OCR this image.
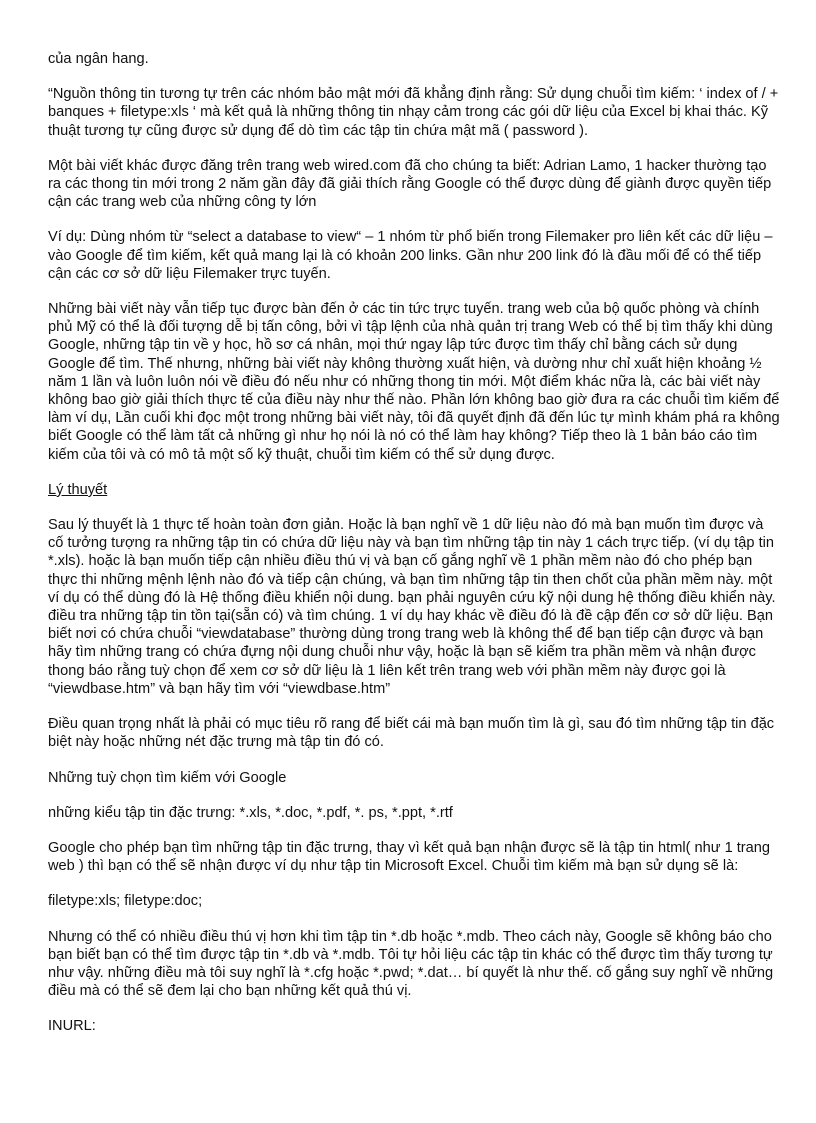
của ngân hang.

“Nguồn thông tin tương tự trên các nhóm bảo mật mới đã khẳng định rằng: Sử dụng chuỗi tìm kiếm: ‘ index of / + banques + filetype:xls ‘ mà kết quả là những thông tin nhạy cảm trong các gói dữ liệu của Excel bị khai thác. Kỹ thuật tương tự cũng được sử dụng để dò tìm các tập tin chứa mật mã ( password ).

Một bài viết khác được đăng trên trang web wired.com đã cho chúng ta biết: Adrian Lamo, 1 hacker thường tạo ra các thong tin mới trong 2 năm gần đây đã giải thích rằng Google có thể được dùng để giành được quyền tiếp cận các trang web của những công ty lớn

Ví dụ: Dùng nhóm từ “select a database to view“ – 1 nhóm từ phổ biến trong Filemaker pro liên kết các dữ liệu – vào Google để tìm kiếm, kết quả mang lại là có khoản 200 links. Gần như 200 link đó là đầu mối để có thể tiếp cận các cơ sở dữ liệu Filemaker trực tuyến.

Những bài viết này vẫn tiếp tục được bàn đến ở các tin tức trực tuyến. trang web của bộ quốc phòng và chính phủ Mỹ có thể là đối tượng dễ bị tấn công, bởi vì tập lệnh của nhà quản trị trang Web có thể bị tìm thấy khi dùng Google, những tập tin về y học, hồ sơ cá nhân, mọi thứ ngay lập tức được tìm thấy chỉ bằng cách sử dụng Google để tìm. Thế nhưng, những bài viết này không thường xuất hiện, và dường như chỉ xuất hiện khoảng ½ năm 1 lần và luôn luôn nói về điều đó nếu như có những thong tin mới. Một điểm khác nữa là, các bài viết này không bao giờ giải thích thực tế của điều này như thế nào. Phần lớn không bao giờ đưa ra các chuỗi tìm kiếm để làm ví dụ, Lần cuối khi đọc một trong những bài viết này, tôi đã quyết định đã đến lúc tự mình khám phá ra không biết Google có thể làm tất cả những gì như họ nói là nó có thể làm hay không? Tiếp theo là 1 bản báo cáo tìm kiếm của tôi và có mô tả một số kỹ thuật, chuỗi tìm kiếm có thể sử dụng được.

Lý thuyết

Sau lý thuyết là 1 thực tế hoàn toàn đơn giản. Hoặc là bạn nghĩ về 1 dữ liệu nào đó mà bạn muốn tìm được và cố tưởng tượng ra những tập tin có chứa dữ liệu này và bạn tìm những tập tin này 1 cách trực tiếp. (ví dụ tập tin *.xls). hoặc là bạn muốn tiếp cận nhiều điều thú vị và bạn cố gắng nghĩ về 1 phần mềm nào đó cho phép bạn thực thi những mệnh lệnh nào đó và tiếp cận chúng, và bạn tìm những tập tin then chốt của phần mềm này. một ví dụ có thể dùng đó là Hệ thống điều khiển nội dung. bạn phải nguyên cứu kỹ nội dung hệ thống điều khiển này. điều tra những tập tin tồn tại(sẵn có) và tìm chúng. 1 ví dụ hay khác về điều đó là đề cập đến cơ sở dữ liệu. Bạn biết nơi có chứa chuỗi “viewdatabase” thường dùng trong trang web là không thể để bạn tiếp cận được và bạn hãy tìm những trang có chứa đựng nội dung chuỗi như vậy, hoặc là bạn sẽ kiếm tra phần mềm và nhận được thong báo rằng tuỳ chọn để xem cơ sở dữ liệu là 1 liên kết trên trang web với phần mềm này được gọi là “viewdbase.htm” và bạn hãy tìm với “viewdbase.htm”

Điều quan trọng nhất là phải có mục tiêu rõ rang để biết cái mà bạn muốn tìm là gì, sau đó tìm những tập tin đặc biệt này hoặc những nét đặc trưng mà tập tin đó có.

Những tuỳ chọn tìm kiếm với Google

những kiểu tập tin đặc trưng: *.xls, *.doc, *.pdf, *. ps, *.ppt, *.rtf

Google cho phép bạn tìm những tập tin đặc trưng, thay vì kết quả bạn nhận được sẽ là tập tin html( như 1 trang web ) thì bạn có thể sẽ nhận được ví dụ như tập tin Microsoft Excel. Chuỗi tìm kiếm mà bạn sử dụng sẽ là:

filetype:xls; filetype:doc;

Nhưng có thể có nhiều điều thú vị hơn khi tìm tập tin *.db hoặc *.mdb. Theo cách này, Google sẽ không báo cho bạn biết bạn có thể tìm được tập tin *.db và *.mdb. Tôi tự hỏi liệu các tập tin khác có thể được tìm thấy tương tự như vậy. những điều mà tôi suy nghĩ là *.cfg hoặc *.pwd; *.dat… bí quyết là như thế. cố gắng suy nghĩ về những điều mà có thể sẽ đem lại cho bạn những kết quả thú vị.

INURL:
